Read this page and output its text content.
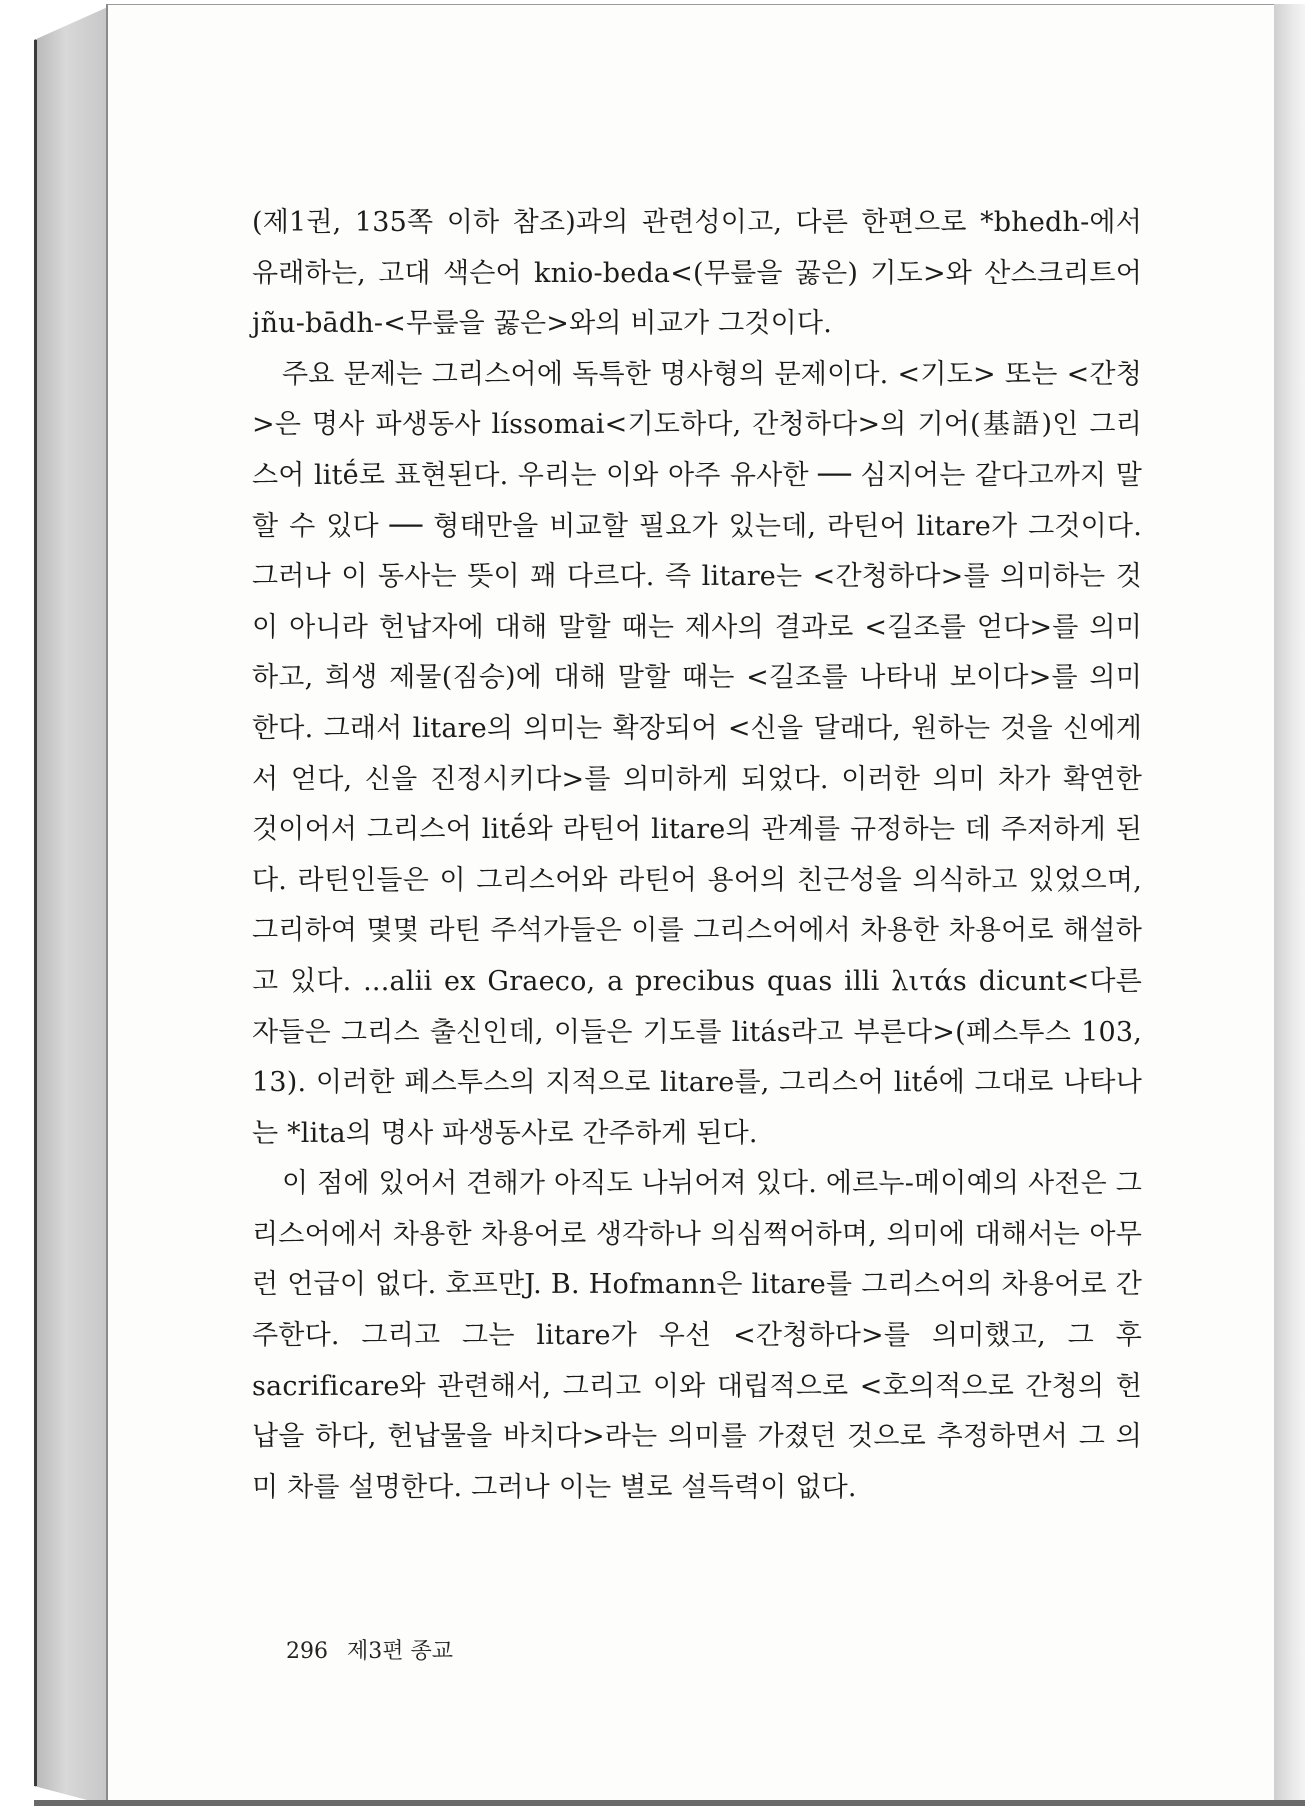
(제1권, 135쪽 이하 참조)과의 관련성이고, 다른 한편으로 *bhedh-에서 유래하는, 고대 색슨어 knio-beda<(무릎을 꿇은) 기도>와 산스크리트어 jñu-bādh-<무릎을 꿇은>와의 비교가 그것이다.

주요 문제는 그리스어에 독특한 명사형의 문제이다. <기도> 또는 <간청>은 명사 파생동사 líssomai<기도하다, 간청하다>의 기어(基語)인 그리스어 litḗ로 표현된다. 우리는 이와 아주 유사한 ── 심지어는 같다고까지 말할 수 있다 ── 형태만을 비교할 필요가 있는데, 라틴어 litare가 그것이다. 그러나 이 동사는 뜻이 꽤 다르다. 즉 litare는 <간청하다>를 의미하는 것이 아니라 헌납자에 대해 말할 때는 제사의 결과로 <길조를 얻다>를 의미하고, 희생 제물(짐승)에 대해 말할 때는 <길조를 나타내 보이다>를 의미한다. 그래서 litare의 의미는 확장되어 <신을 달래다, 원하는 것을 신에게서 얻다, 신을 진정시키다>를 의미하게 되었다. 이러한 의미 차가 확연한 것이어서 그리스어 litḗ와 라틴어 litare의 관계를 규정하는 데 주저하게 된다. 라틴인들은 이 그리스어와 라틴어 용어의 친근성을 의식하고 있었으며, 그리하여 몇몇 라틴 주석가들은 이를 그리스어에서 차용한 차용어로 해설하고 있다. ...alii ex Graeco, a precibus quas illi λιτάs dicunt<다른 자들은 그리스 출신인데, 이들은 기도를 litás라고 부른다>(페스투스 103, 13). 이러한 페스투스의 지적으로 litare를, 그리스어 litḗ에 그대로 나타나는 *lita의 명사 파생동사로 간주하게 된다.

이 점에 있어서 견해가 아직도 나뉘어져 있다. 에르누-메이예의 사전은 그리스어에서 차용한 차용어로 생각하나 의심쩍어하며, 의미에 대해서는 아무런 언급이 없다. 호프만J. B. Hofmann은 litare를 그리스어의 차용어로 간주한다. 그리고 그는 litare가 우선 <간청하다>를 의미했고, 그 후 sacrificare와 관련해서, 그리고 이와 대립적으로 <호의적으로 간청의 헌납을 하다, 헌납물을 바치다>라는 의미를 가졌던 것으로 추정하면서 그 의미 차를 설명한다. 그러나 이는 별로 설득력이 없다.

296 제3편 종교
